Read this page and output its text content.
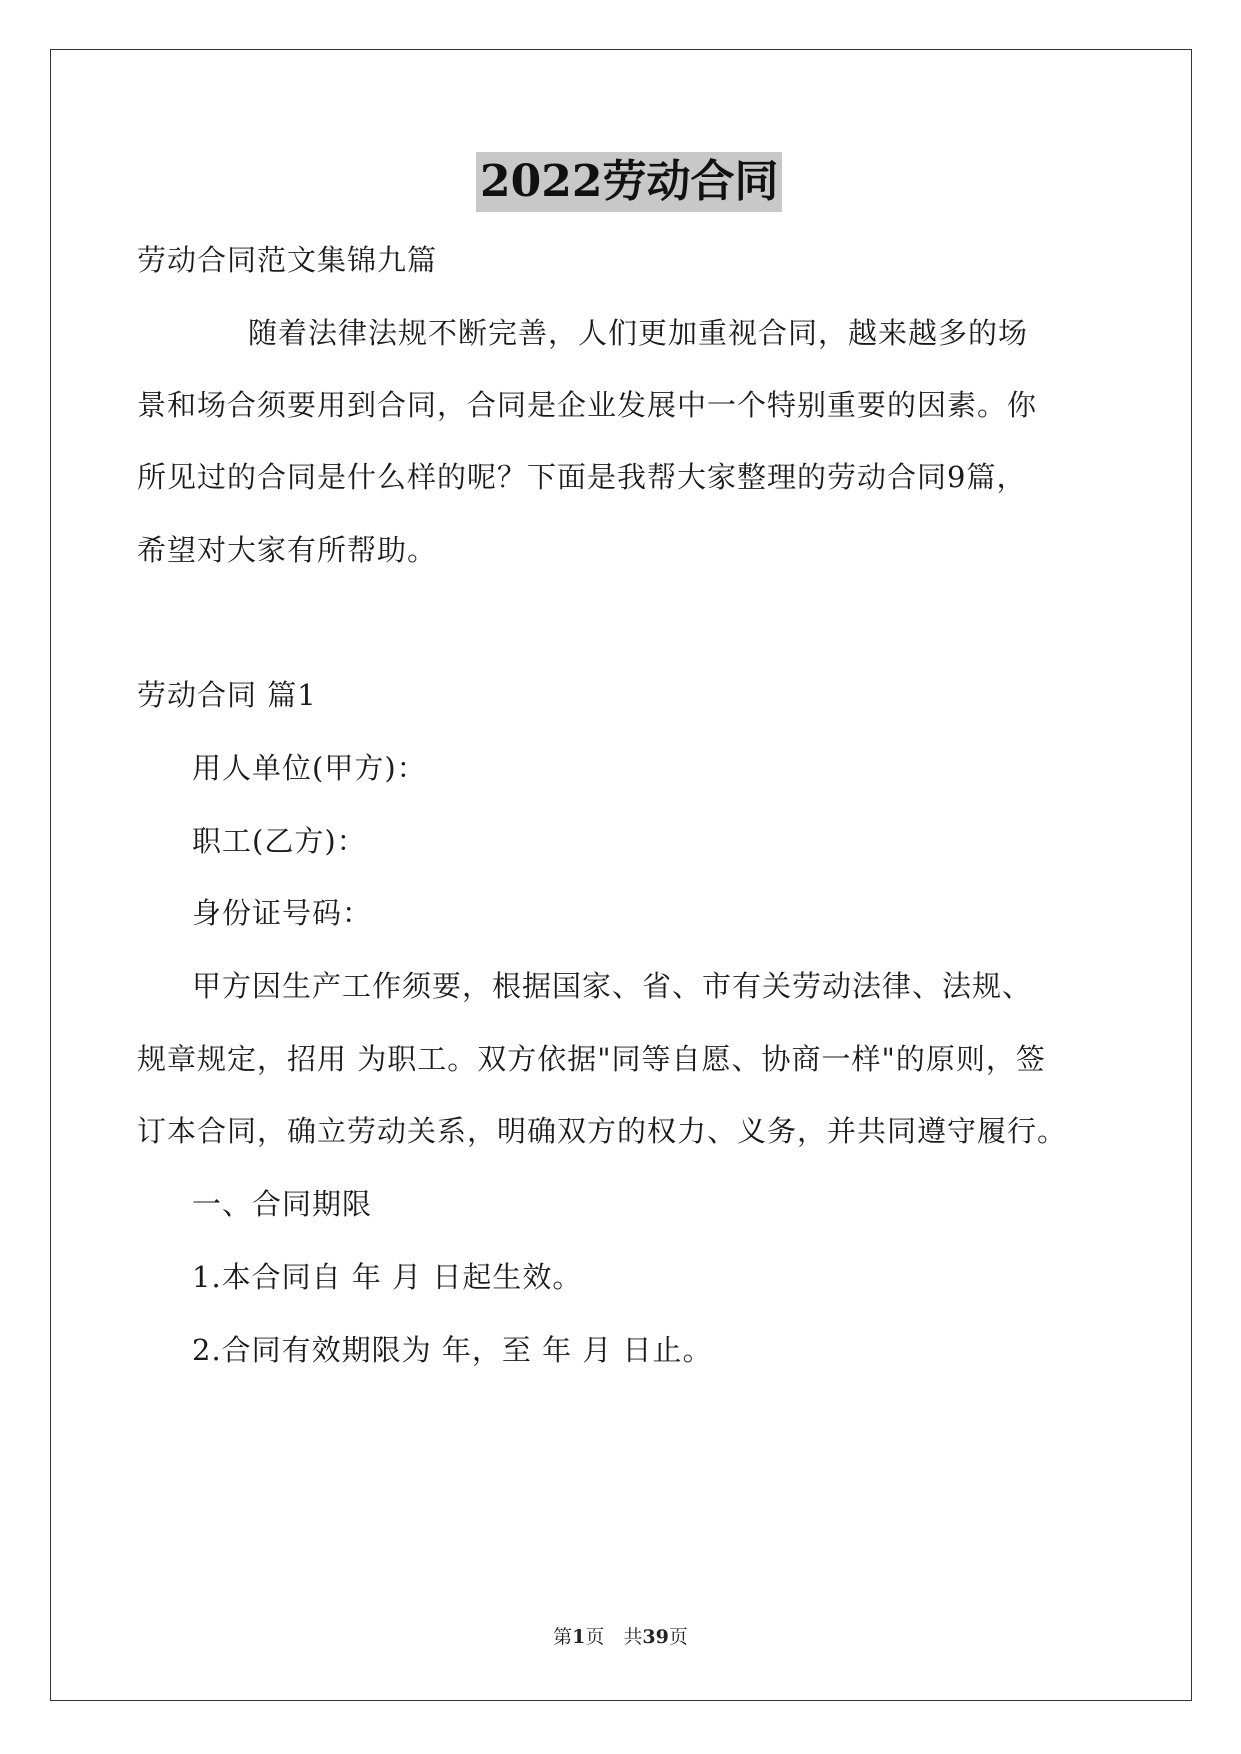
2022劳动合同
劳动合同范文集锦九篇
随着法律法规不断完善，人们更加重视合同，越来越多的场
景和场合须要用到合同，合同是企业发展中一个特别重要的因素。你
所见过的合同是什么样的呢？下面是我帮大家整理的劳动合同9篇，
希望对大家有所帮助。
劳动合同 篇1
用人单位(甲方)：
职工(乙方)：
身份证号码：
甲方因生产工作须要，根据国家、省、市有关劳动法律、法规、
规章规定，招用 为职工。双方依据"同等自愿、协商一样"的原则，签
订本合同，确立劳动关系，明确双方的权力、义务，并共同遵守履行。
一、合同期限
1.本合同自 年 月 日起生效。
2.合同有效期限为 年，至 年 月 日止。
第1页　共39页
